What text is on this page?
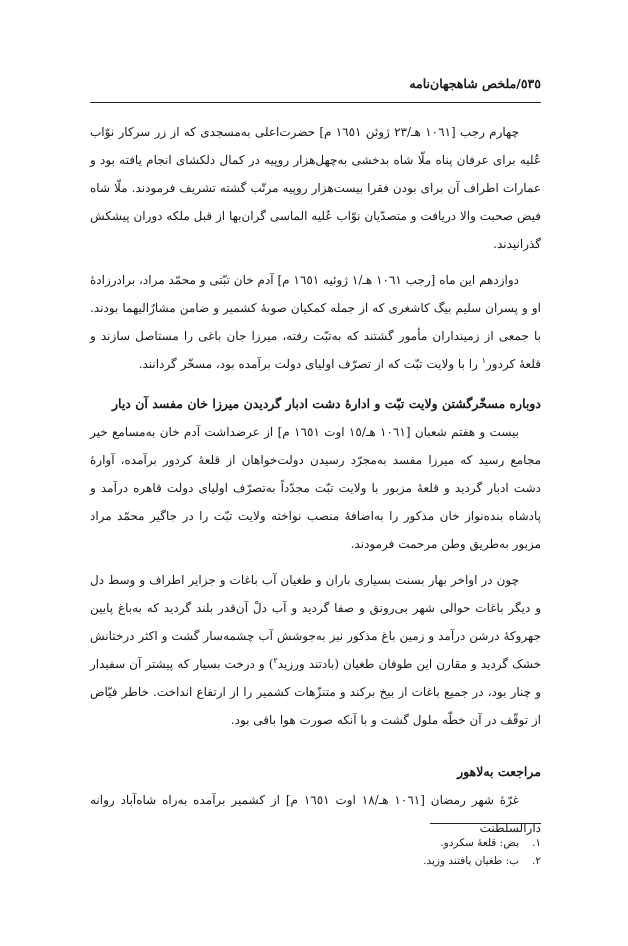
٥٣٥/ملخص شاهجهان‌نامه

چهارم رجب [١٠٦١ هـ/٢٣ ژوئن ١٦٥١ م] حضرت‌اعلی به‌مسجدی که از زر سرکار نوّاب عُلیه برای عرفان پناه ملّا شاه بدخشی به‌چهل‌هزار روپیه در کمال دلکشای انجام یافته بود و عمارات اطراف آن برای بودن فقرا بیست‌هزار روپیه مرتّب گشته تشریف فرمودند. ملّا شاه فیض صحبت والا دریافت و متصدّیان نوّاب عُلیه الماسی گران‌بها از قبل ملکه دوران پیشکش گذرانیدند.

دوازدهم این ماه [رجب ١٠٦١ هـ/١ ژوئیه ١٦٥١ م] آدم خان تبّتی و محمّد مراد، برادرزادهٔ او و پسران سلیم بیگ کاشغری که از جمله کمکیان صوبهٔ کشمیر و ضامن مشارٌالیهما بودند. با جمعی از زمینداران مأمور گشتند که به‌تبّت رفته، میرزا جان باغی را مستاصل سازند و قلعهٔ کردور$^١$ را با ولایت تبّت که از تصرّف اولیای دولت برآمده بود، مسخّر گردانند.

دوباره مسخّرگشتن ولایت تبّت و ادارهٔ دشت ادبار گردیدن میرزا خان مفسد آن دیار

بیست و هفتم شعبان [١٠٦١ هـ/١٥ اوت ١٦٥١ م] از عرضداشت آدم خان به‌مسامع خیر مجامع رسید که میرزا مفسد به‌مجرّد رسیدن دولت‌خواهان از قلعهٔ کردور برآمده، آوارهٔ دشت ادبار گردید و قلعهٔ مزبور با ولایت تبّت مجدّداً به‌تصرّف اولیای دولت قاهره درآمد و پادشاه بنده‌نواز خان مذکور را به‌اضافهٔ منصب نواخته ولایت تبّت را در جاگیر محمّد مراد مزبور به‌طریق وطن مرحمت فرمودند.

چون در اواخر بهار بسنت بسیاری باران و طغیان آب باغات و جزایر اطراف و وسط دل و دیگر باغات حوالی شهر بی‌رونق و صفا گردید و آب دلْ آن‌قدر بلند گردید که به‌باغ پایین جهروکهٔ درشن درآمد و زمین باغ مذکور نیز به‌جوشش آب چشمه‌سار گشت و اکثر درختانش خشک گردید و مقارن این طوفان طغیان (بادتند ورزید$^٢$) و درخت بسیار که پیشتر آن سفیدار و چنار بود، در جمیع باغات از بیخ برکند و متنزّهات کشمیر را از ارتفاع انداخت. خاطر فیّاض از توقّف در آن خطّه ملول گشت و با آنکه صورت هوا باقی بود.

مراجعت به‌لاهور

غرّهٔ شهر رمضان [١٠٦١ هـ/١٨ اوت ١٦٥١ م] از کشمیر برآمده به‌راه شاه‌آباد روانه دارالسلطنت

١.
بض: قلعهٔ سکردو.
٢.
ب: طغیان یافتند وزید.
